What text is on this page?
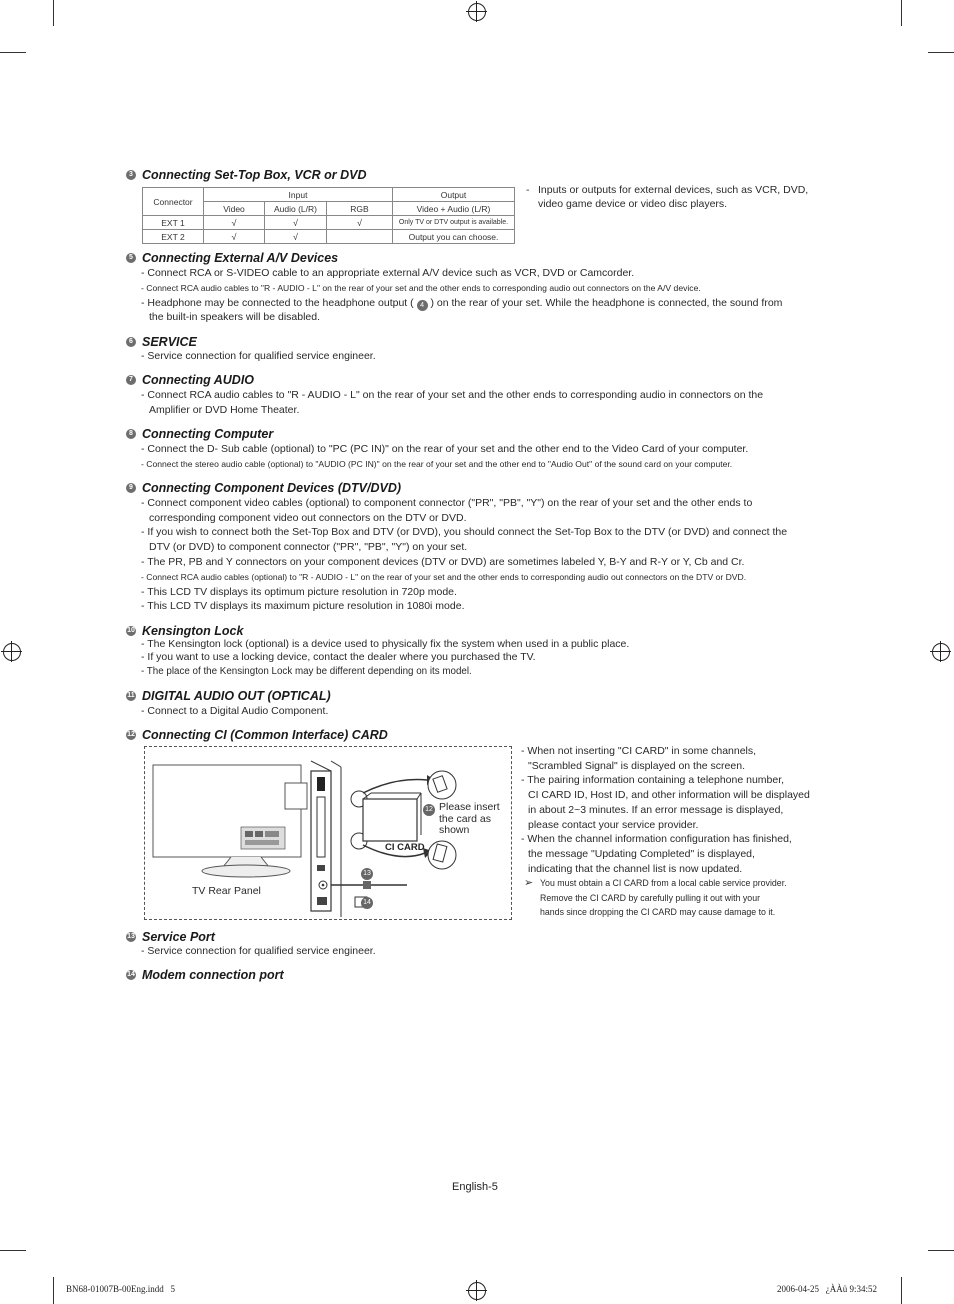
3 Connecting Set-Top Box, VCR or DVD
Connector	Input			Output
	Video	Audio (L/R)	RGB	Video + Audio (L/R)
EXT 1	√	√	√	Only TV or DTV output is available.
EXT 2	√	√		Output you can choose.
- Inputs or outputs for external devices, such as VCR, DVD,
video game device or video disc players.
5 Connecting External A/V Devices
- Connect RCA or S-VIDEO cable to an appropriate external A/V device such as VCR, DVD or Camcorder.
- Connect RCA audio cables to "R - AUDIO - L" on the rear of your set and the other ends to corresponding audio out connectors on the A/V device.
- Headphone may be connected to the headphone output ( 4 ) on the rear of your set. While the headphone is connected, the sound from
the built-in speakers will be disabled.
6 SERVICE
- Service connection for qualified service engineer.
7 Connecting AUDIO
- Connect RCA audio cables to "R - AUDIO - L" on the rear of your set and the other ends to corresponding audio in connectors on the
Amplifier or DVD Home Theater.
8 Connecting Computer
- Connect the D- Sub cable (optional) to "PC (PC IN)" on the rear of your set and the other end to the Video Card of your computer.
- Connect the stereo audio cable (optional) to "AUDIO (PC IN)" on the rear of your set and the other end to "Audio Out" of the sound card on your computer.
9 Connecting Component Devices (DTV/DVD)
- Connect component video cables (optional) to component connector ("PR", "PB", "Y") on the rear of your set and the other ends to
corresponding component video out connectors on the DTV or DVD.
- If you wish to connect both the Set-Top Box and DTV (or DVD), you should connect the Set-Top Box to the DTV (or DVD) and connect the
DTV (or DVD) to component connector ("PR", "PB", "Y") on your set.
- The PR, PB and Y connectors on your component devices (DTV or DVD) are sometimes labeled Y, B-Y and R-Y or Y, Cb and Cr.
- Connect RCA audio cables (optional) to "R - AUDIO - L" on the rear of your set and the other ends to corresponding audio out connectors on the DTV or DVD.
- This LCD TV displays its optimum picture resolution in 720p mode.
- This LCD TV displays its maximum picture resolution in 1080i mode.
10 Kensington Lock
- The Kensington lock (optional) is a device used to physically fix the system when used in a public place.
- If you want to use a locking device, contact the dealer where you purchased the TV.
- The place of the Kensington Lock may be different depending on its model.
11 DIGITAL AUDIO OUT (OPTICAL)
- Connect to a Digital Audio Component.
12 Connecting CI (Common Interface) CARD
12
13
14
Please insert
the card as
shown
CI CARD
TV Rear Panel
- When not inserting "CI CARD" in some channels,
"Scrambled Signal" is displayed on the screen.
- The pairing information containing a telephone number,
CI CARD ID, Host ID, and other information will be displayed
in about 2~3 minutes. If an error message is displayed,
please contact your service provider.
- When the channel information configuration has finished,
the message "Updating Completed" is displayed,
indicating that the channel list is now updated.
➢ You must obtain a CI CARD from a local cable service provider.
Remove the CI CARD by carefully pulling it out with your
hands since dropping the CI CARD may cause damage to it.
13 Service Port
- Service connection for qualified service engineer.
14 Modem connection port
English-5
BN68-01007B-00Eng.indd   5	2006-04-25   ¿ÀÀü 9:34:52
